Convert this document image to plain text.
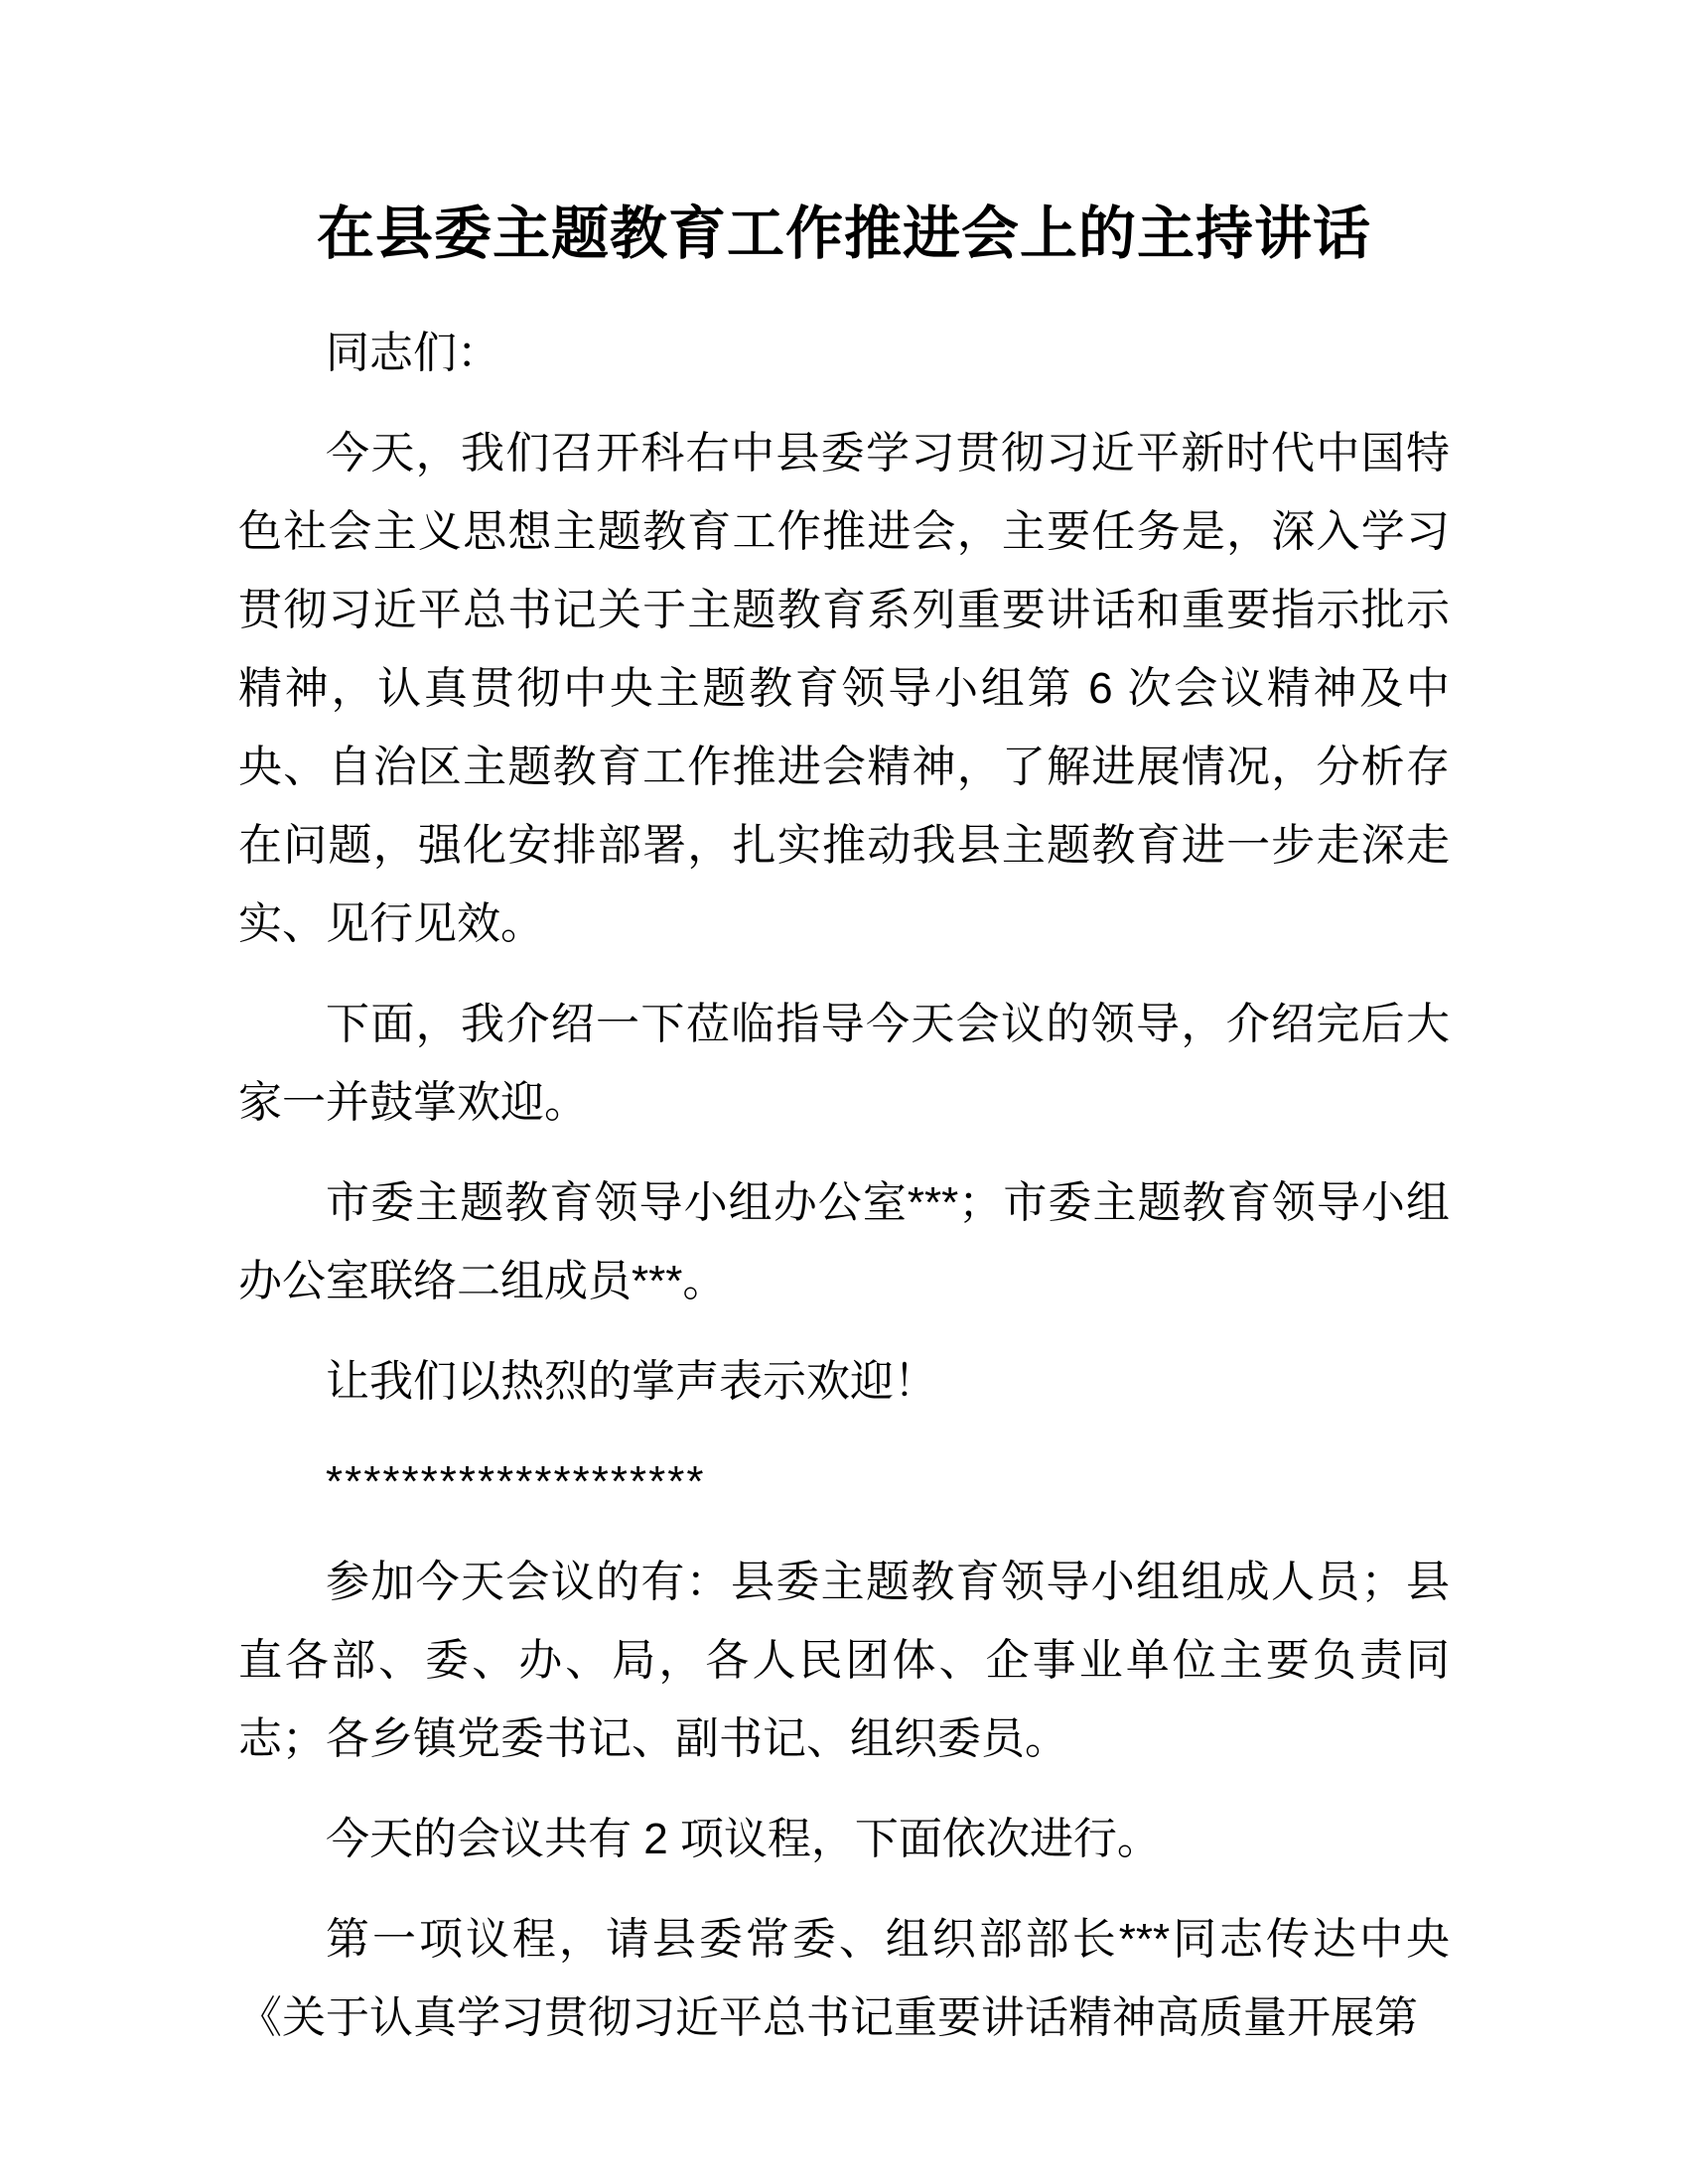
在县委主题教育工作推进会上的主持讲话

同志们：

今天，我们召开科右中县委学习贯彻习近平新时代中国特色社会主义思想主题教育工作推进会，主要任务是，深入学习贯彻习近平总书记关于主题教育系列重要讲话和重要指示批示精神，认真贯彻中央主题教育领导小组第 6 次会议精神及中央、自治区主题教育工作推进会精神，了解进展情况，分析存在问题，强化安排部署，扎实推动我县主题教育进一步走深走实、见行见效。

下面，我介绍一下莅临指导今天会议的领导，介绍完后大家一并鼓掌欢迎。

市委主题教育领导小组办公室***；市委主题教育领导小组办公室联络二组成员***。

让我们以热烈的掌声表示欢迎！

********************

参加今天会议的有：县委主题教育领导小组组成人员；县直各部、委、办、局，各人民团体、企事业单位主要负责同志；各乡镇党委书记、副书记、组织委员。

今天的会议共有 2 项议程，下面依次进行。

第一项议程，请县委常委、组织部部长***同志传达中央《关于认真学习贯彻习近平总书记重要讲话精神高质量开展第
